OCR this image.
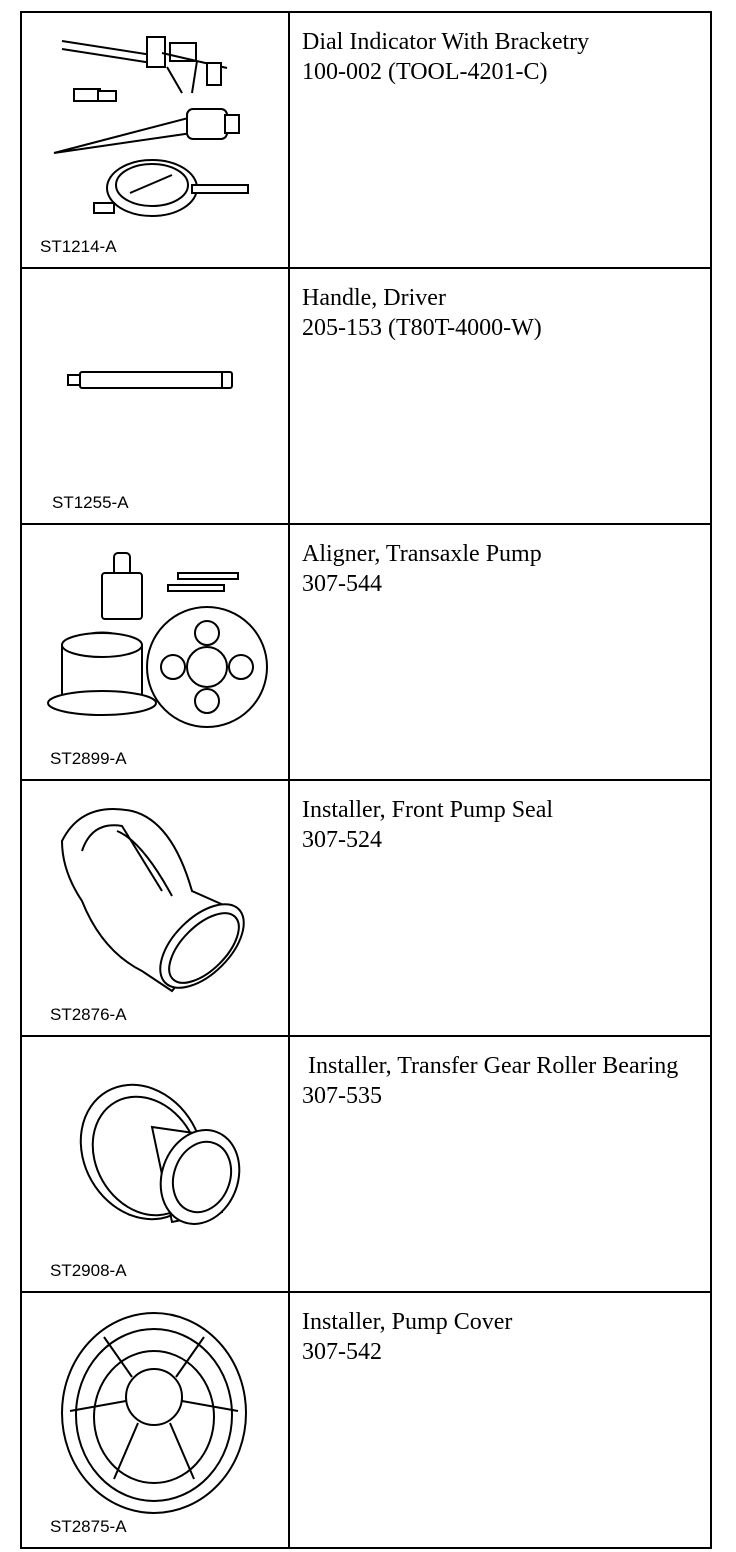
ST1214-A	Dial Indicator With Bracketry
100-002 (TOOL-4201-C)

ST1255-A	Handle, Driver
205-153 (T80T-4000-W)

ST2899-A	Aligner, Transaxle Pump
307-544

ST2876-A	Installer, Front Pump Seal
307-524

ST2908-A	Installer, Transfer Gear Roller Bearing
307-535

ST2875-A	Installer, Pump Cover
307-542
